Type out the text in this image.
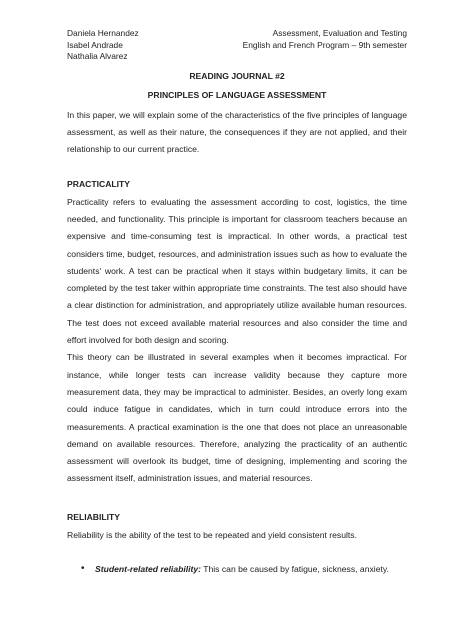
Daniela Hernandez
Isabel Andrade
Nathalia Alvarez
Assessment, Evaluation and Testing
English and French Program – 9th semester
READING JOURNAL #2
PRINCIPLES OF LANGUAGE ASSESSMENT

In this paper, we will explain some of the characteristics of the five principles of language assessment, as well as their nature, the consequences if they are not applied, and their relationship to our current practice.

PRACTICALITY

Practicality refers to evaluating the assessment according to cost, logistics, the time needed, and functionality. This principle is important for classroom teachers because an expensive and time-consuming test is impractical. In other words, a practical test considers time, budget, resources, and administration issues such as how to evaluate the students' work. A test can be practical when it stays within budgetary limits, it can be completed by the test taker within appropriate time constraints. The test also should have a clear distinction for administration, and appropriately utilize available human resources. The test does not exceed available material resources and also consider the time and effort involved for both design and scoring.

This theory can be illustrated in several examples when it becomes impractical. For instance, while longer tests can increase validity because they capture more measurement data, they may be impractical to administer. Besides, an overly long exam could induce fatigue in candidates, which in turn could introduce errors into the measurements. A practical examination is the one that does not place an unreasonable demand on available resources. Therefore, analyzing the practicality of an authentic assessment will overlook its budget, time of designing, implementing and scoring the assessment itself, administration issues, and material resources.

RELIABILITY

Reliability is the ability of the test to be repeated and yield consistent results.

• Student-related reliability: This can be caused by fatigue, sickness, anxiety.
